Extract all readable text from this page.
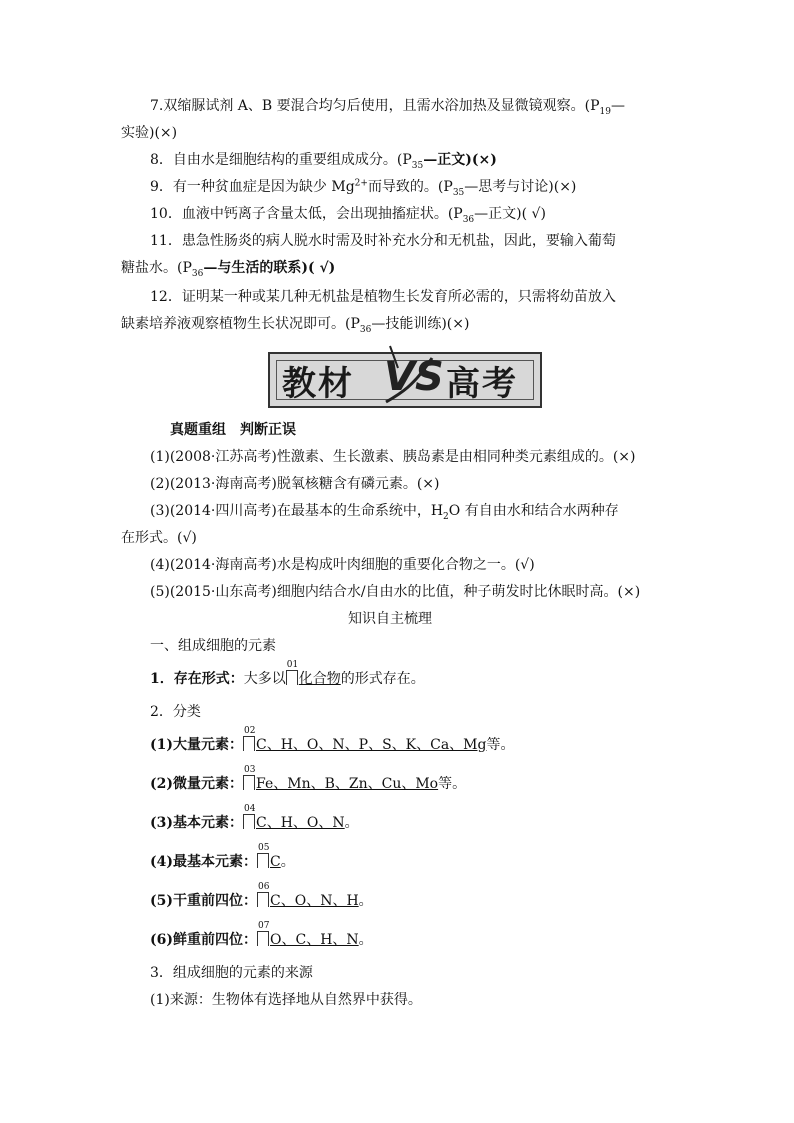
7.双缩脲试剂 A、B 要混合均匀后使用，且需水浴加热及显微镜观察。($P_{19}—$
实验)(×)
8．自由水是细胞结构的重要组成成分。($P_{35}—$正文)(×)
9．有一种贫血症是因为缺少 $Mg^{2+}$而导致的。($P_{35}—$思考与讨论)(×)
10．血液中钙离子含量太低，会出现抽搐症状。($P_{36}—$正文)( √)
11．患急性肠炎的病人脱水时需及时补充水分和无机盐，因此，要输入葡萄
糖盐水。($P_{36}—$与生活的联系)( √)
12．证明某一种或某几种无机盐是植物生长发育所必需的，只需将幼苗放入
缺素培养液观察植物生长状况即可。($P_{36}—$技能训练)(×)
教材 VS 高考
真题重组　判断正误
(1)(2008·江苏高考)性激素、生长激素、胰岛素是由相同种类元素组成的。(×)
(2)(2013·海南高考)脱氧核糖含有磷元素。(×)
(3)(2014·四川高考)在最基本的生命系统中，$H_2O$ 有自由水和结合水两种存
在形式。(√)
(4)(2014·海南高考)水是构成叶肉细胞的重要化合物之一。(√)
(5)(2015·山东高考)细胞内结合水/自由水的比值，种子萌发时比休眠时高。(×)
知识自主梳理
一、组成细胞的元素
1．存在形式：大多以
01
化合物的形式存在。
2．分类
(1)大量元素：
02
C、H、O、N、P、S、K、Ca、Mg等。
(2)微量元素：
03
Fe、Mn、B、Zn、Cu、Mo等。
(3)基本元素：
04
C、H、O、N。
(4)最基本元素：
05
C。
(5)干重前四位：
06
C、O、N、H。
(6)鲜重前四位：
07
O、C、H、N。
3．组成细胞的元素的来源
(1)来源：生物体有选择地从自然界中获得。
